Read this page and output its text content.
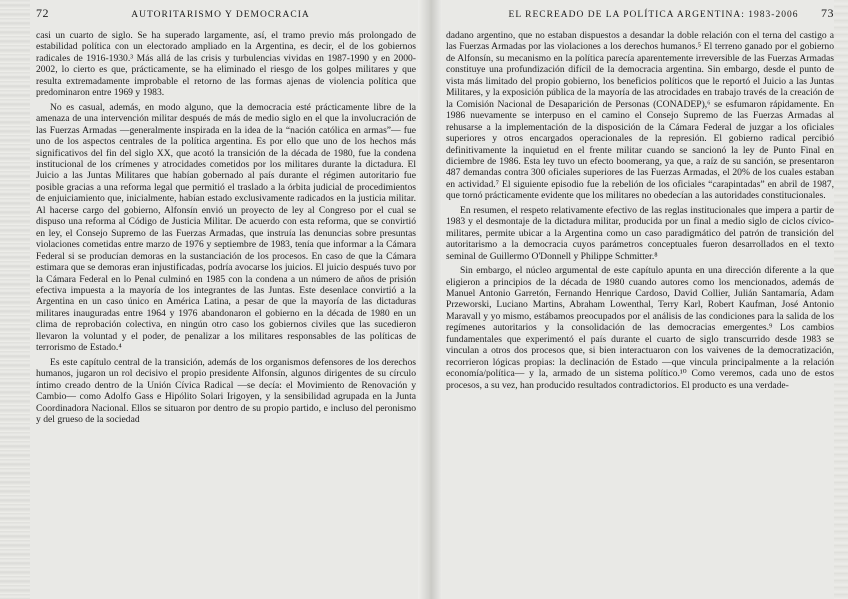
72	AUTORITARISMO Y DEMOCRACIA

casi un cuarto de siglo. Se ha superado largamente, así, el tramo previo más prolongado de estabilidad política con un electorado ampliado en la Argentina, es decir, el de los gobiernos radicales de 1916-1930.³ Más allá de las crisis y turbulencias vividas en 1987-1990 y en 2000-2002, lo cierto es que, prácticamente, se ha eliminado el riesgo de los golpes militares y que resulta extremadamente improbable el retorno de las formas ajenas de violencia política que predominaron entre 1969 y 1983.

No es casual, además, en modo alguno, que la democracia esté prácticamente libre de la amenaza de una intervención militar después de más de medio siglo en el que la involucración de las Fuerzas Armadas —generalmente inspirada en la idea de la “nación católica en armas”— fue uno de los aspectos centrales de la política argentina. Es por ello que uno de los hechos más significativos del fin del siglo XX, que acotó la transición de la década de 1980, fue la condena institucional de los crímenes y atrocidades cometidos por los militares durante la dictadura. El Juicio a las Juntas Militares que habían gobernado al país durante el régimen autoritario fue posible gracias a una reforma legal que permitió el traslado a la órbita judicial de procedimientos de enjuiciamiento que, inicialmente, habían estado exclusivamente radicados en la justicia militar. Al hacerse cargo del gobierno, Alfonsín envió un proyecto de ley al Congreso por el cual se dispuso una reforma al Código de Justicia Militar. De acuerdo con esta reforma, que se convirtió en ley, el Consejo Supremo de las Fuerzas Armadas, que instruía las denuncias sobre presuntas violaciones cometidas entre marzo de 1976 y septiembre de 1983, tenía que informar a la Cámara Federal si se producían demoras en la sustanciación de los procesos. En caso de que la Cámara estimara que se demoras eran injustificadas, podría avocarse los juicios. El juicio después tuvo por la Cámara Federal en lo Penal culminó en 1985 con la condena a un número de años de prisión efectiva impuesta a la mayoría de los integrantes de las Juntas. Este desenlace convirtió a la Argentina en un caso único en América Latina, a pesar de que la mayoría de las dictaduras militares inauguradas entre 1964 y 1976 abandonaron el gobierno en la década de 1980 en un clima de reprobación colectiva, en ningún otro caso los gobiernos civiles que las sucedieron llevaron la voluntad y el poder, de penalizar a los militares responsables de las políticas de terrorismo de Estado.⁴

Es este capítulo central de la transición, además de los organismos defensores de los derechos humanos, jugaron un rol decisivo el propio presidente Alfonsín, algunos dirigentes de su círculo íntimo creado dentro de la Unión Cívica Radical —se decía: el Movimiento de Renovación y Cambio— como Adolfo Gass e Hipólito Solari Irigoyen, y la sensibilidad agrupada en la Junta Coordinadora Nacional. Ellos se situaron por dentro de su propio partido, e incluso del peronismo y del grueso de la sociedad

EL RECREADO DE LA POLÍTICA ARGENTINA: 1983-2006 73

dadano argentino, que no estaban dispuestos a desandar la doble relación con el terna del castigo a las Fuerzas Armadas por las violaciones a los derechos humanos.⁵ El terreno ganado por el gobierno de Alfonsín, su mecanismo en la política parecía aparentemente irreversible de las Fuerzas Armadas constituye una profundización difícil de la democracia argentina. Sin embargo, desde el punto de vista más limitado del propio gobierno, los beneficios políticos que le reportó el Juicio a las Juntas Militares, y la exposición pública de la mayoría de las atrocidades en trabajo través de la creación de la Comisión Nacional de Desaparición de Personas (CONADEP),⁶ se esfumaron rápidamente. En 1986 nuevamente se interpuso en el camino el Consejo Supremo de las Fuerzas Armadas al rehusarse a la implementación de la disposición de la Cámara Federal de juzgar a los oficiales superiores y otros encargados operacionales de la represión. El gobierno radical percibió definitivamente la inquietud en el frente militar cuando se sancionó la ley de Punto Final en diciembre de 1986. Esta ley tuvo un efecto boomerang, ya que, a raíz de su sanción, se presentaron 487 demandas contra 300 oficiales superiores de las Fuerzas Armadas, el 20% de los cuales estaban en actividad.⁷ El siguiente episodio fue la rebelión de los oficiales “carapintadas” en abril de 1987, que tornó prácticamente evidente que los militares no obedecían a las autoridades constitucionales.

En resumen, el respeto relativamente efectivo de las reglas institucionales que impera a partir de 1983 y el desmontaje de la dictadura militar, producida por un final a medio siglo de ciclos cívico-militares, permite ubicar a la Argentina como un caso paradigmático del patrón de transición del autoritarismo a la democracia cuyos parámetros conceptuales fueron desarrollados en el texto seminal de Guillermo O'Donnell y Philippe Schmitter.⁸

Sin embargo, el núcleo argumental de este capítulo apunta en una dirección diferente a la que eligieron a principios de la década de 1980 cuando autores como los mencionados, además de Manuel Antonio Garretón, Fernando Henrique Cardoso, David Collier, Julián Santamaría, Adam Przeworski, Luciano Martins, Abraham Lowenthal, Terry Karl, Robert Kaufman, José Antonio Maravall y yo mismo, estábamos preocupados por el análisis de las condiciones para la salida de los regímenes autoritarios y la consolidación de las democracias emergentes.⁹ Los cambios fundamentales que experimentó el país durante el cuarto de siglo transcurrido desde 1983 se vinculan a otros dos procesos que, si bien interactuaron con los vaivenes de la democratización, recorrieron lógicas propias: la declinación de Estado —que vincula principalmente a la relación economía/política— y la, armado de un sistema político.¹⁰ Como veremos, cada uno de estos procesos, a su vez, han producido resultados contradictorios. El producto es una verdade-
